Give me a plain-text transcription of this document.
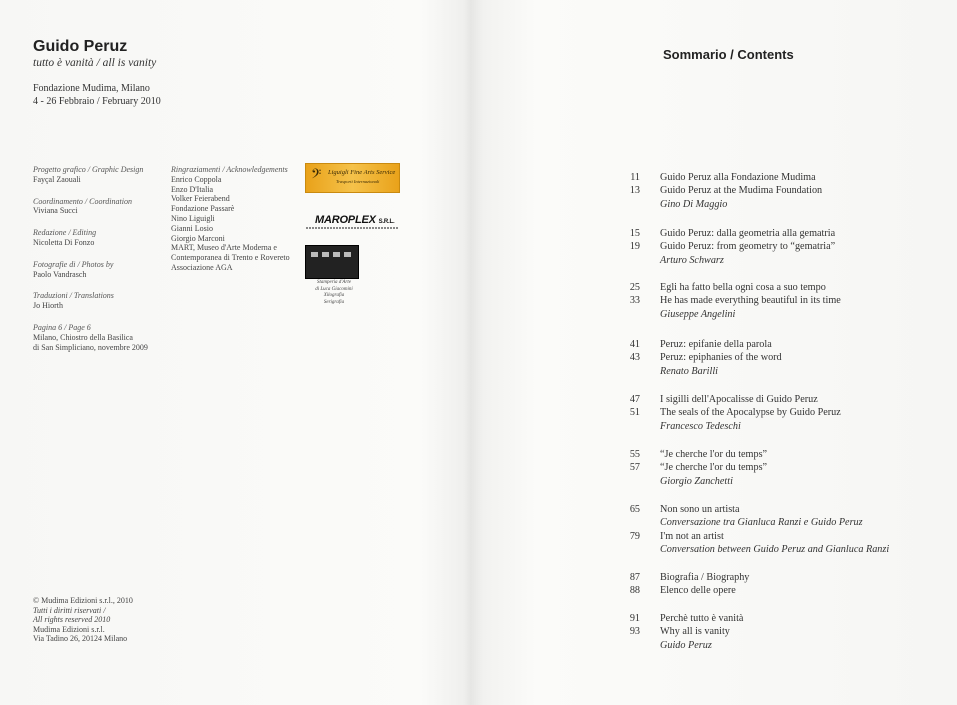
Guido Peruz
tutto è vanità / all is vanity
Fondazione Mudima, Milano
4 - 26 Febbraio / February 2010
Progetto grafico / Graphic Design
Fayçal Zaouali
Coordinamento / Coordination
Viviana Succi
Redazione / Editing
Nicoletta Di Fonzo
Fotografie di / Photos by
Paolo Vandrasch
Traduzioni / Translations
Jo Hiorth
Pagina 6 / Page 6
Milano, Chiostro della Basilica
di San Simpliciano, novembre 2009
Ringraziamenti / Acknowledgements
Enrico Coppola
Enzo D'Italia
Volker Feierabend
Fondazione Passarè
Nino Liguigli
Gianni Losio
Giorgio Marconi
MART, Museo d'Arte Moderna e
Contemporanea di Trento e Rovereto
Associazione AGA
𝄢 Liguigli Fine Arts Service
Trasporti Internazionali
MAROPLEX S.R.L.
Stamperia d'Arte
di Luca Giacomini
Xilografia
Serigrafia
© Mudima Edizioni s.r.l., 2010
Tutti i diritti riservati /
All rights reserved 2010
Mudima Edizioni s.r.l.
Via Tadino 26, 20124 Milano
Sommario / Contents
11 Guido Peruz alla Fondazione Mudima
13 Guido Peruz at the Mudima Foundation
Gino Di Maggio
15 Guido Peruz: dalla geometria alla gematria
19 Guido Peruz: from geometry to “gematria”
Arturo Schwarz
25 Egli ha fatto bella ogni cosa a suo tempo
33 He has made everything beautiful in its time
Giuseppe Angelini
41 Peruz: epifanie della parola
43 Peruz: epiphanies of the word
Renato Barilli
47 I sigilli dell'Apocalisse di Guido Peruz
51 The seals of the Apocalypse by Guido Peruz
Francesco Tedeschi
55 “Je cherche l'or du temps”
57 “Je cherche l'or du temps”
Giorgio Zanchetti
65 Non sono un artista
Conversazione tra Gianluca Ranzi e Guido Peruz
79 I'm not an artist
Conversation between Guido Peruz and Gianluca Ranzi
87 Biografia / Biography
88 Elenco delle opere
91 Perchè tutto è vanità
93 Why all is vanity
Guido Peruz
